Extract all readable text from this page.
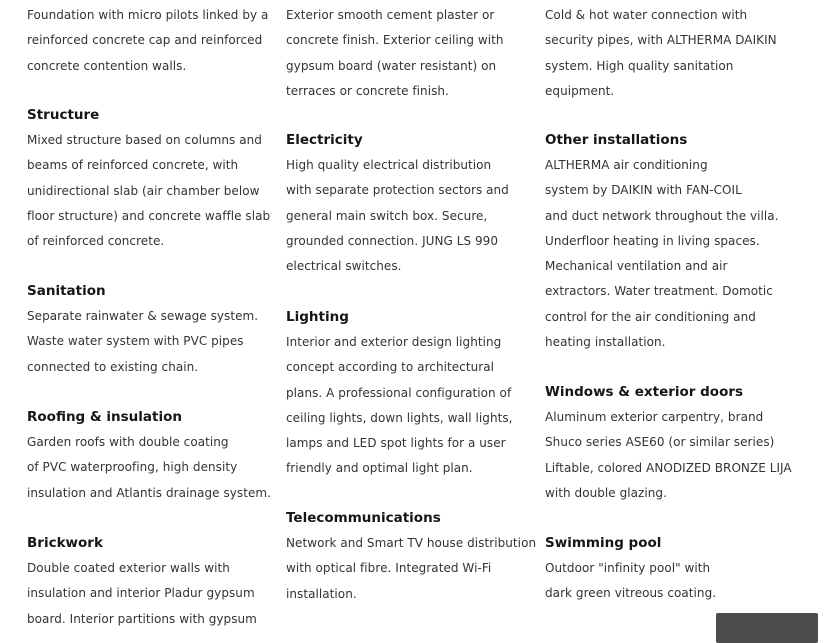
Foundation with micro pilots linked by a
reinforced concrete cap and reinforced
concrete contention walls.
Structure
Mixed structure based on columns and
beams of reinforced concrete, with
unidirectional slab (air chamber below
floor structure) and concrete waffle slab
of reinforced concrete.
Sanitation
Separate rainwater & sewage system.
Waste water system with PVC pipes
connected to existing chain.
Roofing & insulation
Garden roofs with double coating
of PVC waterproofing, high density
insulation and Atlantis drainage system.
Brickwork
Double coated exterior walls with
insulation and interior Pladur gypsum
board. Interior partitions with gypsum
Exterior smooth cement plaster or
concrete finish. Exterior ceiling with
gypsum board (water resistant) on
terraces or concrete finish.
Electricity
High quality electrical distribution
with separate protection sectors and
general main switch box. Secure,
grounded connection. JUNG LS 990
electrical switches.
Lighting
Interior and exterior design lighting
concept according to architectural
plans. A professional configuration of
ceiling lights, down lights, wall lights,
lamps and LED spot lights for a user
friendly and optimal light plan.
Telecommunications
Network and Smart TV house distribution
with optical fibre. Integrated Wi-Fi
installation.
Cold & hot water connection with
security pipes, with ALTHERMA DAIKIN
system. High quality sanitation
equipment.
Other installations
ALTHERMA air conditioning
system by DAIKIN with FAN-COIL
and duct network throughout the villa.
Underfloor heating in living spaces.
Mechanical ventilation and air
extractors. Water treatment. Domotic
control for the air conditioning and
heating installation.
Windows & exterior doors
Aluminum exterior carpentry, brand
Shuco series ASE60 (or similar series)
Liftable, colored ANODIZED BRONZE LIJA
with double glazing.
Swimming pool
Outdoor "infinity pool" with
dark green vitreous coating.
